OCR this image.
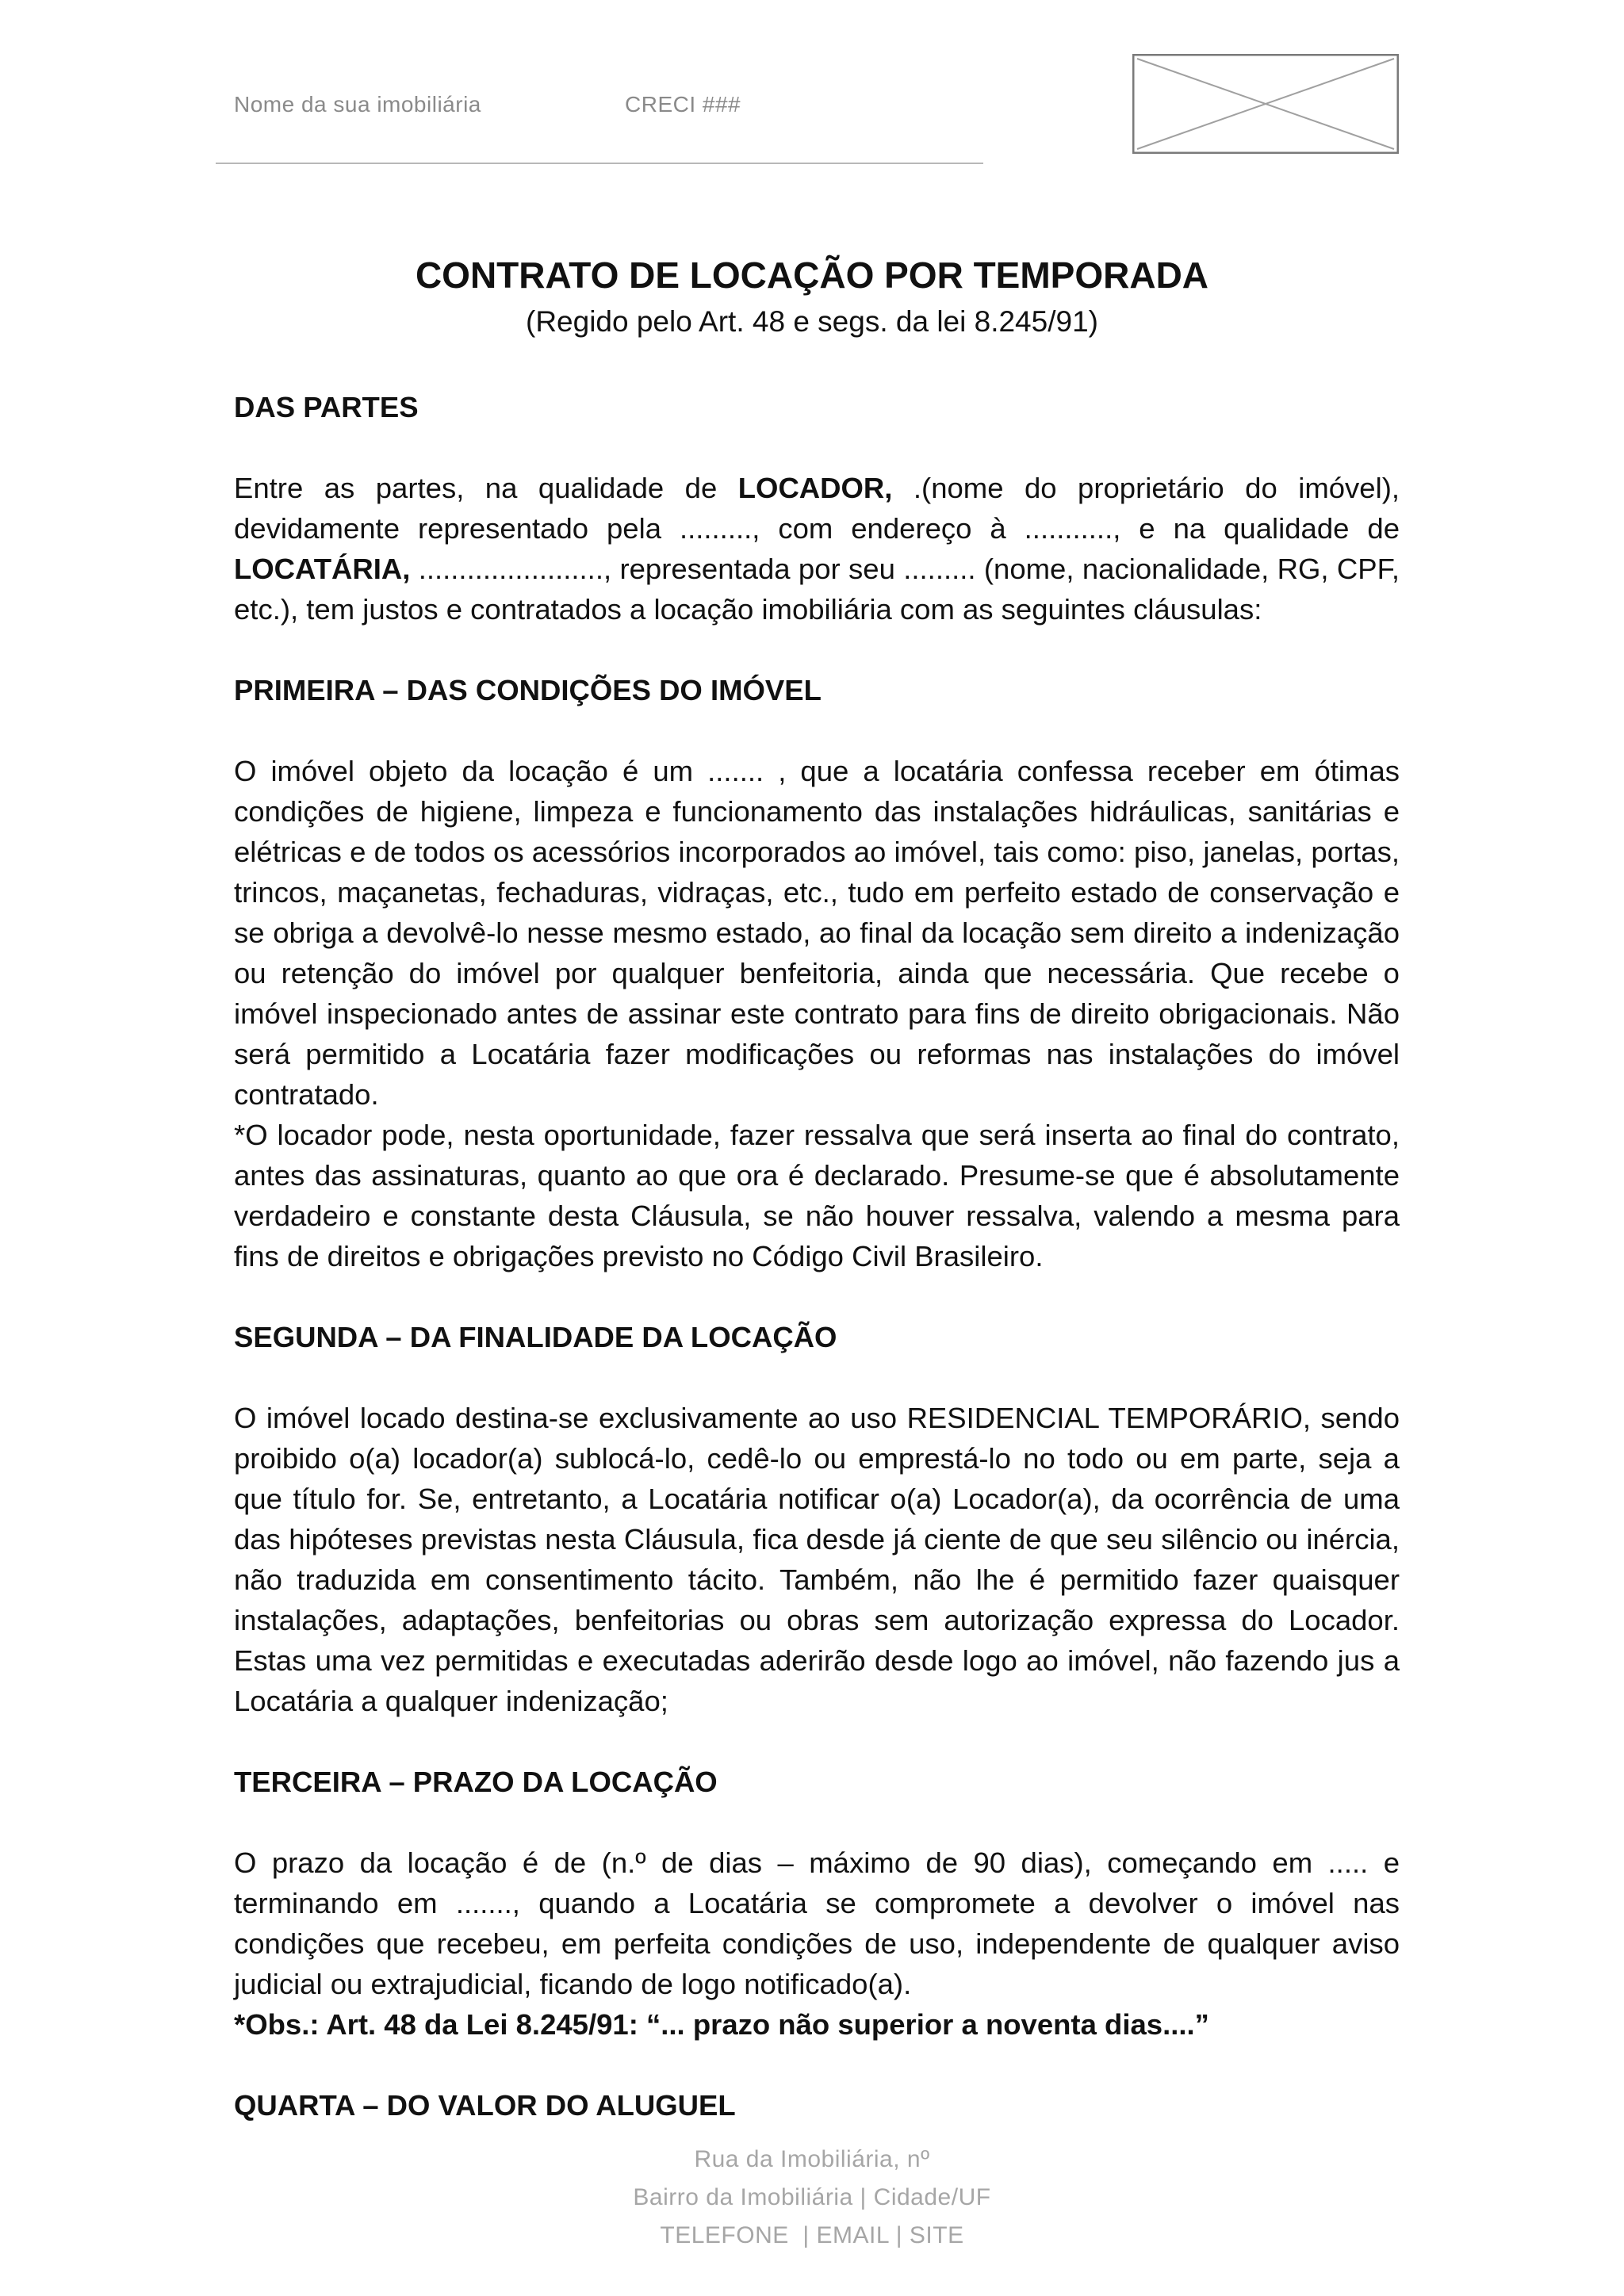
Nome da sua imobiliária	CRECI ###
CONTRATO DE LOCAÇÃO POR TEMPORADA
(Regido pelo Art. 48 e segs. da lei 8.245/91)

DAS PARTES

Entre as partes, na qualidade de LOCADOR, .(nome do proprietário do imóvel), devidamente representado pela ........., com endereço à ..........., e na qualidade de LOCATÁRIA, ......................., representada por seu ......... (nome, nacionalidade, RG, CPF, etc.), tem justos e contratados a locação imobiliária com as seguintes cláusulas:

PRIMEIRA – DAS CONDIÇÕES DO IMÓVEL

O imóvel objeto da locação é um ....... , que a locatária confessa receber em ótimas condições de higiene, limpeza e funcionamento das instalações hidráulicas, sanitárias e elétricas e de todos os acessórios incorporados ao imóvel, tais como: piso, janelas, portas, trincos, maçanetas, fechaduras, vidraças, etc., tudo em perfeito estado de conservação e se obriga a devolvê-lo nesse mesmo estado, ao final da locação sem direito a indenização ou retenção do imóvel por qualquer benfeitoria, ainda que necessária. Que recebe o imóvel inspecionado antes de assinar este contrato para fins de direito obrigacionais. Não será permitido a Locatária fazer modificações ou reformas nas instalações do imóvel contratado.

*O locador pode, nesta oportunidade, fazer ressalva que será inserta ao final do contrato, antes das assinaturas, quanto ao que ora é declarado. Presume-se que é absolutamente verdadeiro e constante desta Cláusula, se não houver ressalva, valendo a mesma para fins de direitos e obrigações previsto no Código Civil Brasileiro.

SEGUNDA – DA FINALIDADE DA LOCAÇÃO

O imóvel locado destina-se exclusivamente ao uso RESIDENCIAL TEMPORÁRIO, sendo proibido o(a) locador(a) sublocá-lo, cedê-lo ou emprestá-lo no todo ou em parte, seja a que título for. Se, entretanto, a Locatária notificar o(a) Locador(a), da ocorrência de uma das hipóteses previstas nesta Cláusula, fica desde já ciente de que seu silêncio ou inércia, não traduzida em consentimento tácito. Também, não lhe é permitido fazer quaisquer instalações, adaptações, benfeitorias ou obras sem autorização expressa do Locador. Estas uma vez permitidas e executadas aderirão desde logo ao imóvel, não fazendo jus a Locatária a qualquer indenização;

TERCEIRA – PRAZO DA LOCAÇÃO

O prazo da locação é de (n.º de dias – máximo de 90 dias), começando em ..... e terminando em ......., quando a Locatária se compromete a devolver o imóvel nas condições que recebeu, em perfeita condições de uso, independente de qualquer aviso judicial ou extrajudicial, ficando de logo notificado(a).

*Obs.: Art. 48 da Lei 8.245/91: “... prazo não superior a noventa dias....”

QUARTA – DO VALOR DO ALUGUEL

Rua da Imobiliária, nº
Bairro da Imobiliária | Cidade/UF
TELEFONE  | EMAIL | SITE
